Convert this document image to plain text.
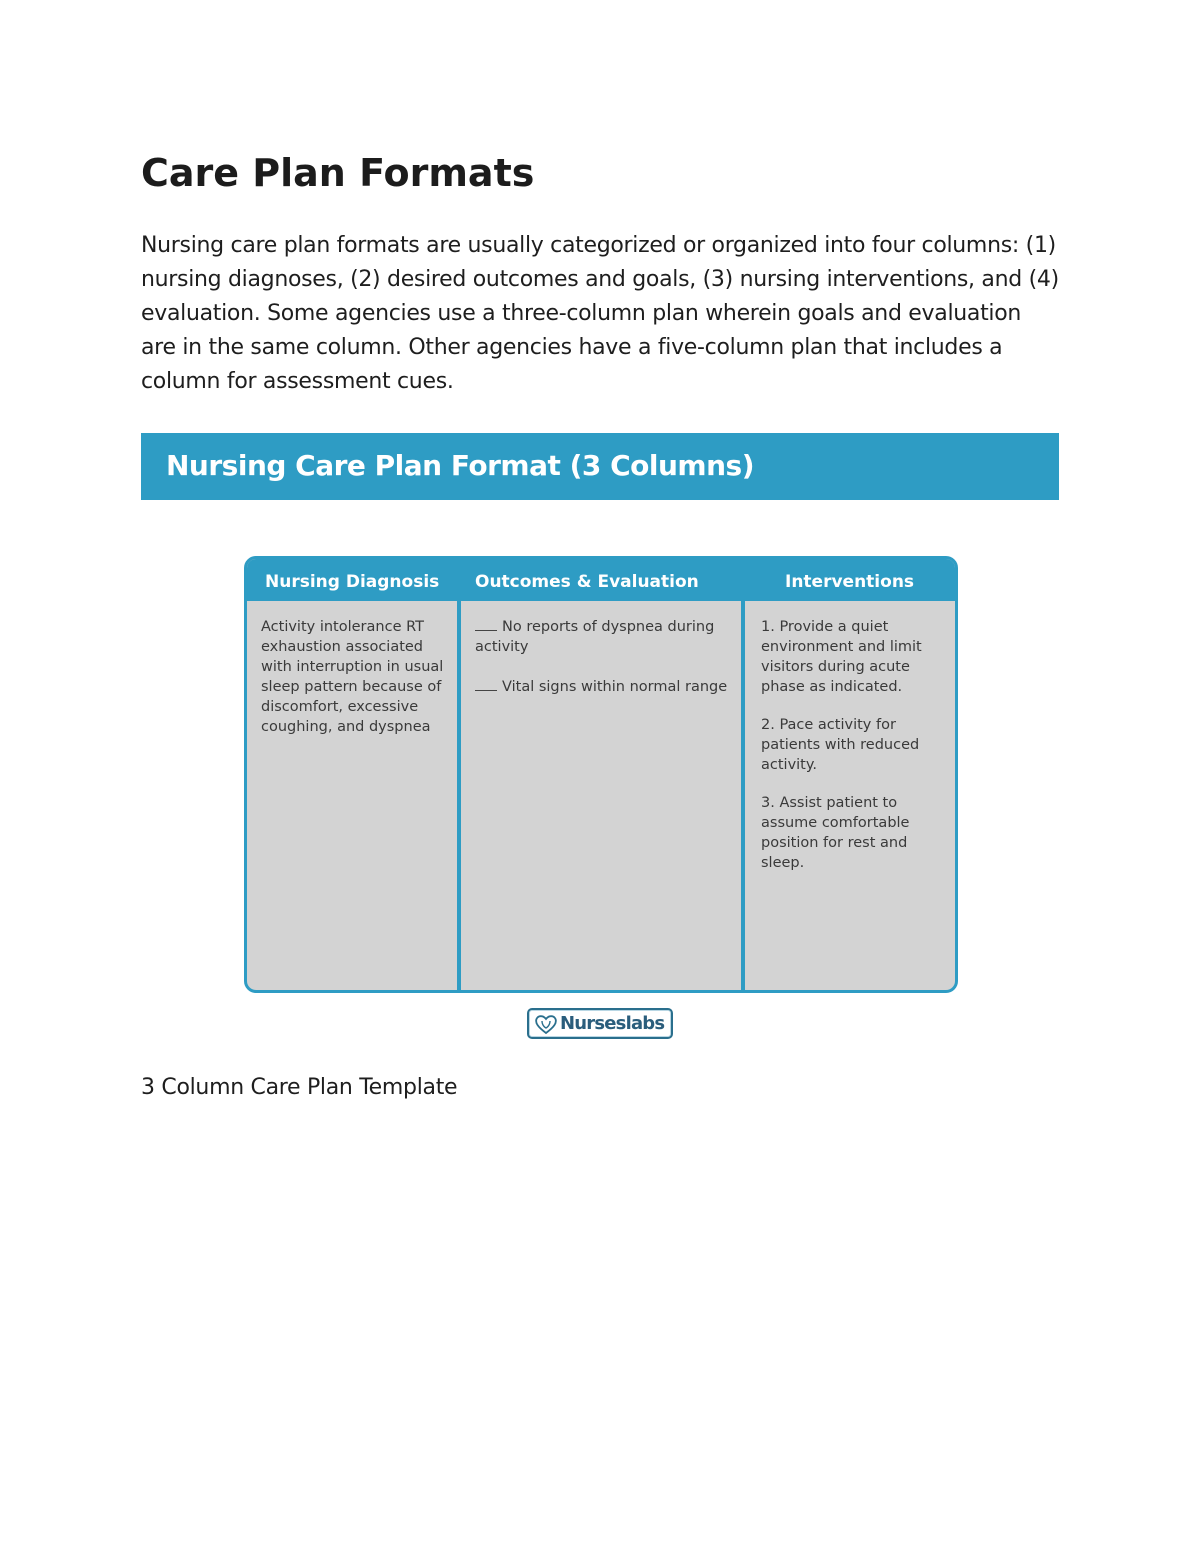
Care Plan Formats

Nursing care plan formats are usually categorized or organized into four columns: (1) nursing diagnoses, (2) desired outcomes and goals, (3) nursing interventions, and (4) evaluation. Some agencies use a three-column plan wherein goals and evaluation are in the same column. Other agencies have a five-column plan that includes a column for assessment cues.

Nursing Care Plan Format (3 Columns)
Nursing Diagnosis Outcomes & Evaluation	Interventions

Activity intolerance RT exhaustion associated with interruption in usual sleep pattern because of discomfort, excessive coughing, and dyspnea

No reports of dyspnea during activity

Vital signs within normal range

1. Provide a quiet environment and limit visitors during acute phase as indicated.

2. Pace activity for patients with reduced activity.

3. Assist patient to assume comfortable position for rest and sleep.

Nurseslabs

3 Column Care Plan Template
